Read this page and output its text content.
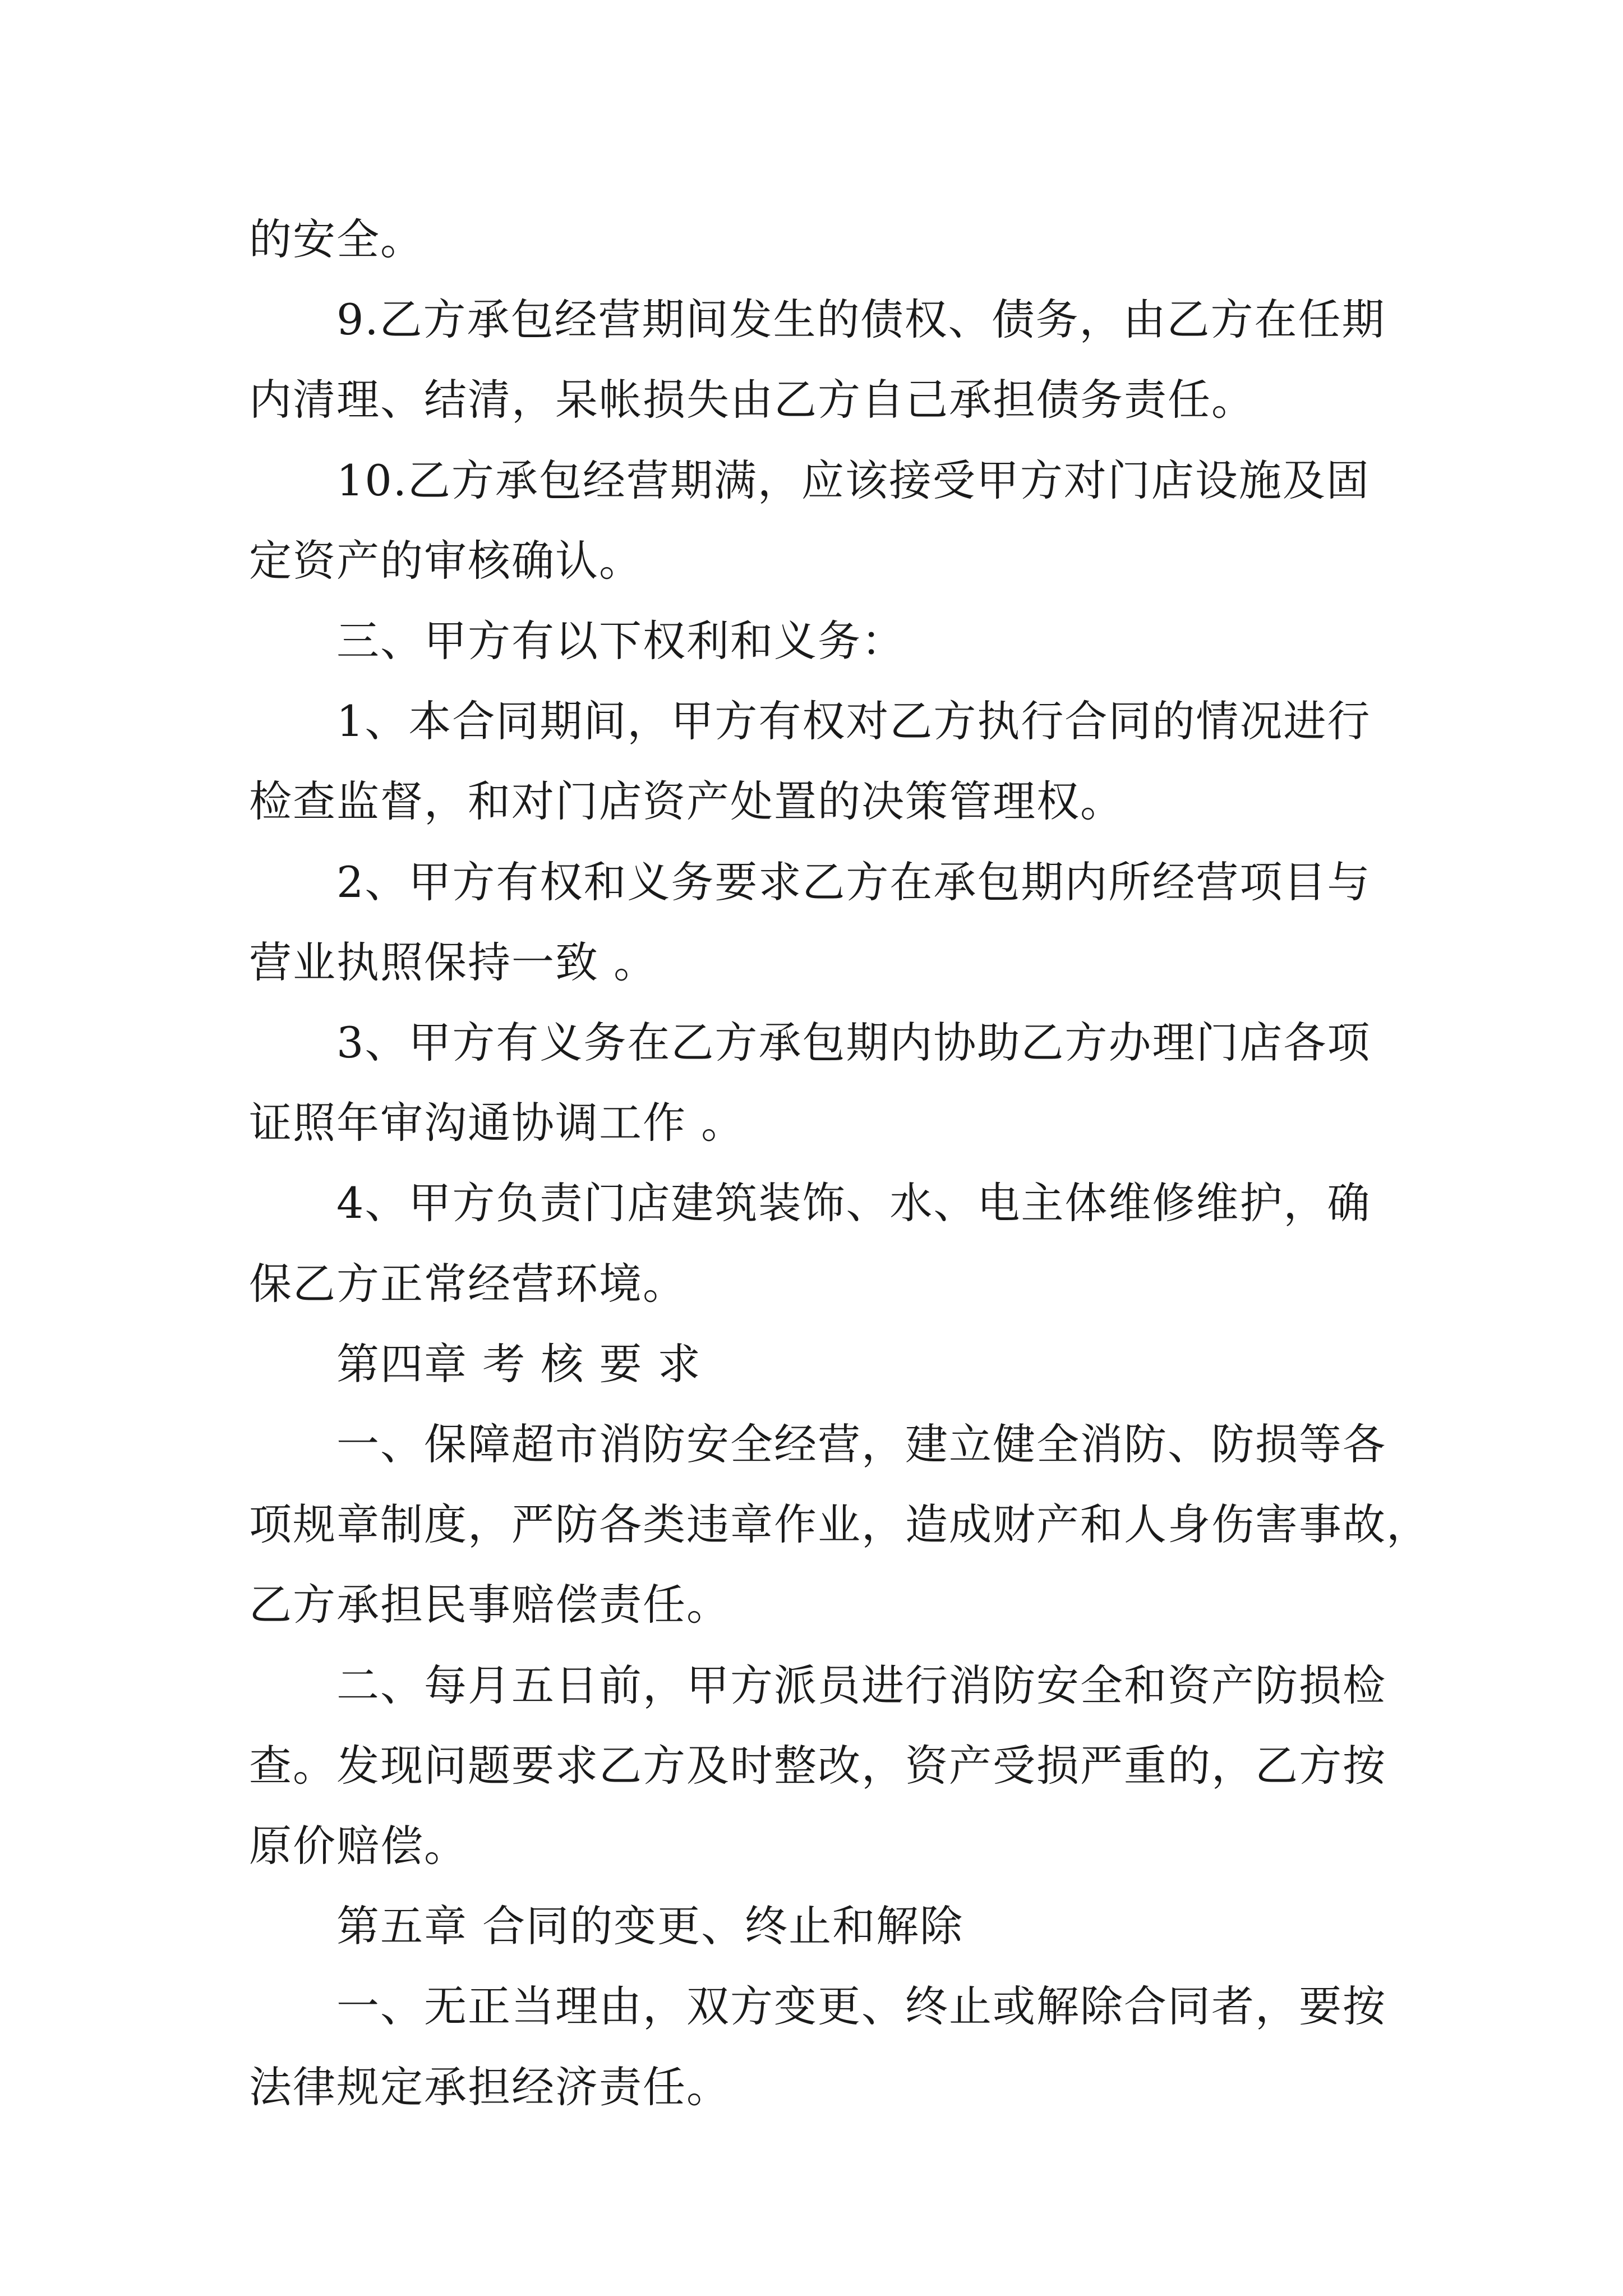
的安全。

9.乙方承包经营期间发生的债权、债务，由乙方在任期

内清理、结清，呆帐损失由乙方自己承担债务责任。

10.乙方承包经营期满，应该接受甲方对门店设施及固

定资产的审核确认。

三、甲方有以下权利和义务：

1、本合同期间，甲方有权对乙方执行合同的情况进行

检查监督，和对门店资产处置的决策管理权。

2、甲方有权和义务要求乙方在承包期内所经营项目与

营业执照保持一致 。

3、甲方有义务在乙方承包期内协助乙方办理门店各项

证照年审沟通协调工作 。

4、甲方负责门店建筑装饰、水、电主体维修维护，确

保乙方正常经营环境。

第四章 考 核 要 求

一、保障超市消防安全经营，建立健全消防、防损等各

项规章制度，严防各类违章作业，造成财产和人身伤害事故，

乙方承担民事赔偿责任。

二、每月五日前，甲方派员进行消防安全和资产防损检

查。发现问题要求乙方及时整改，资产受损严重的，乙方按

原价赔偿。

第五章 合同的变更、终止和解除

一、无正当理由，双方变更、终止或解除合同者，要按

法律规定承担经济责任。
